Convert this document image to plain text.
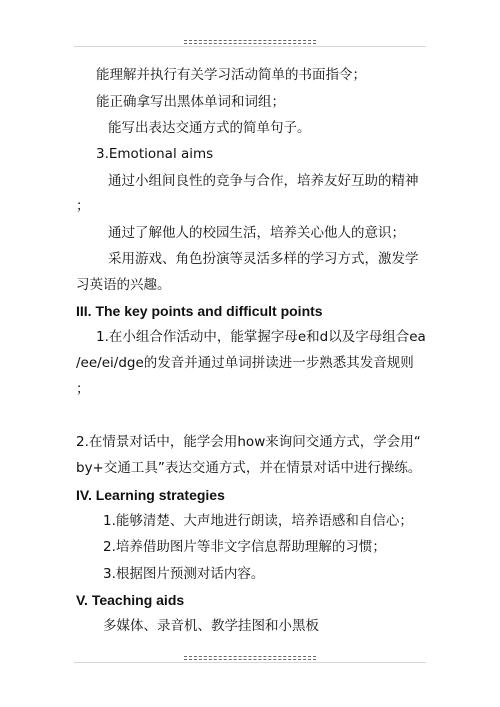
能理解并执行有关学习活动简单的书面指令；
能正确拿写出黑体单词和词组；
能写出表达交通方式的简单句子。
3.Emotional aims
通过小组间良性的竞争与合作，培养友好互助的精神
；
通过了解他人的校园生活，培养关心他人的意识；
采用游戏、角色扮演等灵活多样的学习方式，激发学
习英语的兴趣。
III. The key points and difficult points
1.在小组合作活动中，能掌握字母e和d以及字母组合ea
/ee/ei/dge的发音并通过单词拼读进一步熟悉其发音规则
；
2.在情景对话中，能学会用how来询问交通方式，学会用“
by+交通工具”表达交通方式，并在情景对话中进行操练。
IV. Learning strategies
1.能够清楚、大声地进行朗读，培养语感和自信心；
2.培养借助图片等非文字信息帮助理解的习惯；
3.根据图片预测对话内容。
V. Teaching aids
多媒体、录音机、教学挂图和小黑板
